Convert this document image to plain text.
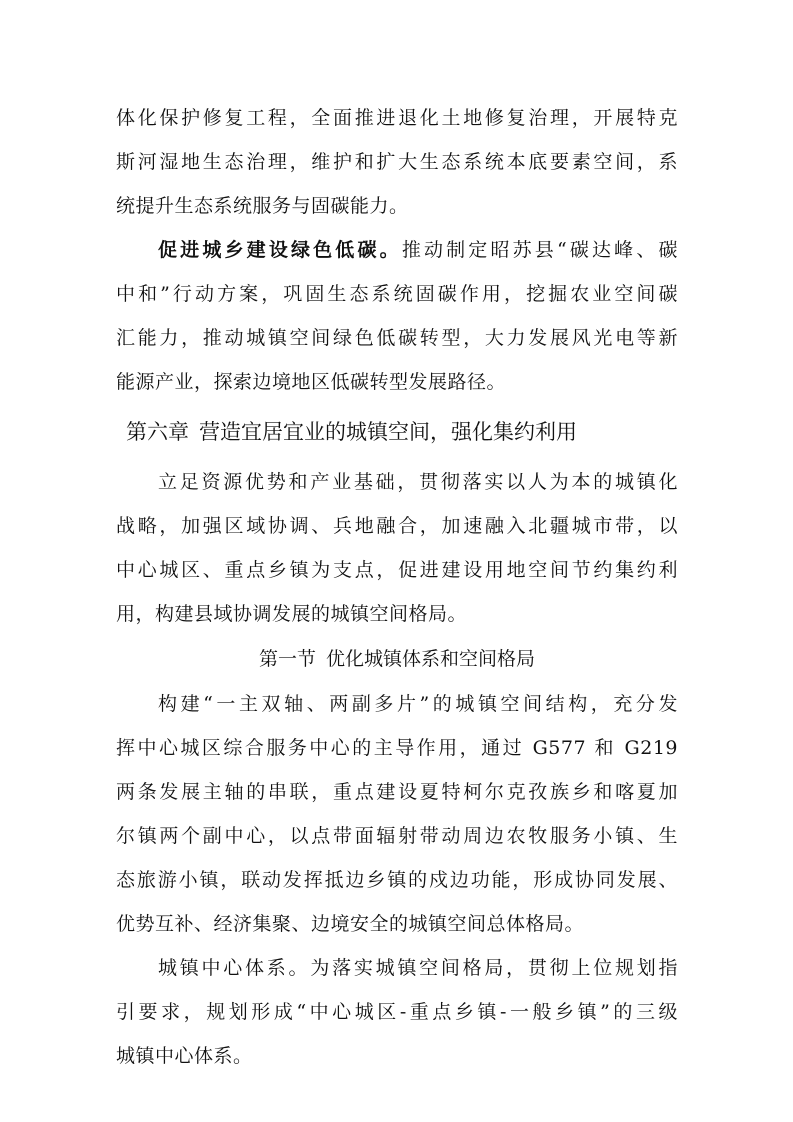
体化保护修复工程，全面推进退化土地修复治理，开展特克
斯河湿地生态治理，维护和扩大生态系统本底要素空间，系
统提升生态系统服务与固碳能力。
促进城乡建设绿色低碳。推动制定昭苏县“碳达峰、碳
中和”行动方案，巩固生态系统固碳作用，挖掘农业空间碳
汇能力，推动城镇空间绿色低碳转型，大力发展风光电等新
能源产业，探索边境地区低碳转型发展路径。
第六章 营造宜居宜业的城镇空间，强化集约利用
立足资源优势和产业基础，贯彻落实以人为本的城镇化
战略，加强区域协调、兵地融合，加速融入北疆城市带，以
中心城区、重点乡镇为支点，促进建设用地空间节约集约利
用，构建县域协调发展的城镇空间格局。
第一节 优化城镇体系和空间格局
构建“一主双轴、两副多片”的城镇空间结构，充分发
挥中心城区综合服务中心的主导作用，通过 G577 和 G219
两条发展主轴的串联，重点建设夏特柯尔克孜族乡和喀夏加
尔镇两个副中心，以点带面辐射带动周边农牧服务小镇、生
态旅游小镇，联动发挥抵边乡镇的戍边功能，形成协同发展、
优势互补、经济集聚、边境安全的城镇空间总体格局。
城镇中心体系。为落实城镇空间格局，贯彻上位规划指
引要求，规划形成“中心城区-重点乡镇-一般乡镇”的三级
城镇中心体系。
